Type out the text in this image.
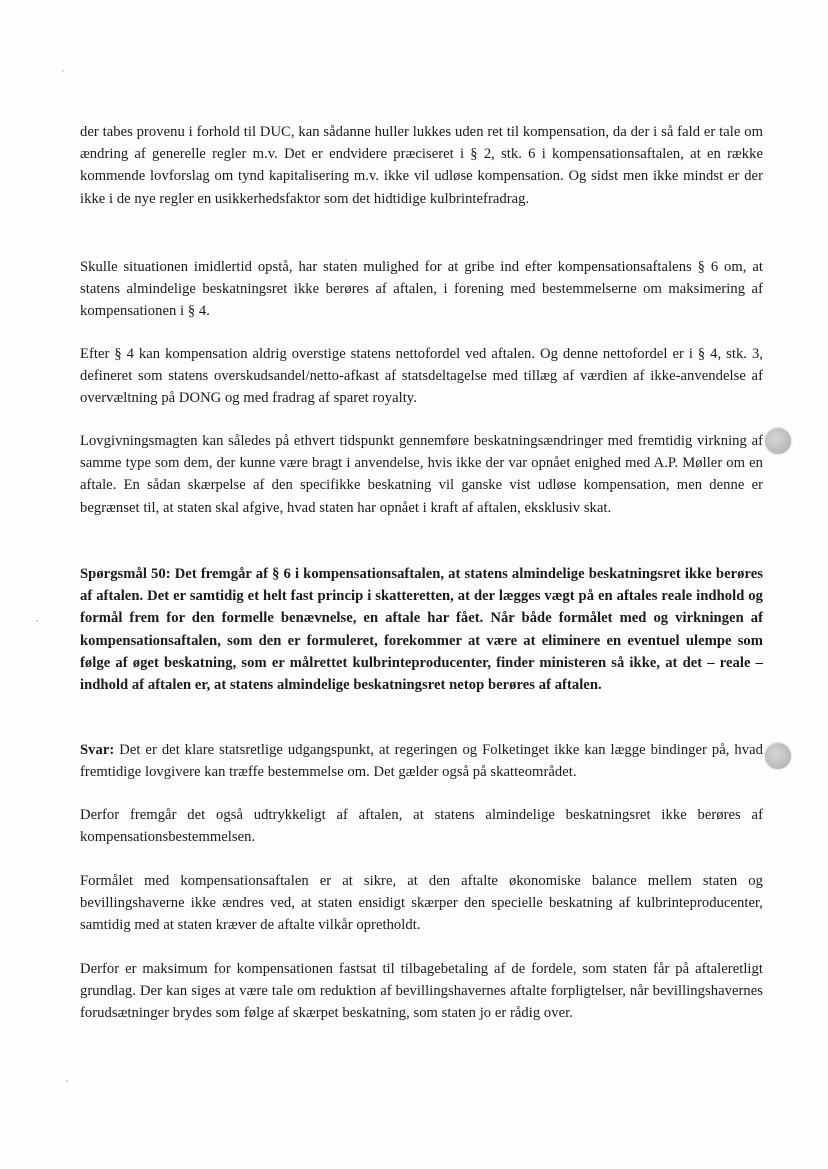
der tabes provenu i forhold til DUC, kan sådanne huller lukkes uden ret til kompensation, da der i så fald er tale om ændring af generelle regler m.v. Det er endvidere præciseret i § 2, stk. 6 i kompensationsaftalen, at en række kommende lovforslag om tynd kapitalisering m.v. ikke vil udløse kompensation. Og sidst men ikke mindst er der ikke i de nye regler en usikkerhedsfaktor som det hidtidige kulbrintefradrag.

Skulle situationen imidlertid opstå, har staten mulighed for at gribe ind efter kompensationsaftalens § 6 om, at statens almindelige beskatningsret ikke berøres af aftalen, i forening med bestemmelserne om maksimering af kompensationen i § 4.

Efter § 4 kan kompensation aldrig overstige statens nettofordel ved aftalen. Og denne nettofordel er i § 4, stk. 3, defineret som statens overskudsandel/netto-afkast af statsdeltagelse med tillæg af værdien af ikke-anvendelse af overvæltning på DONG og med fradrag af sparet royalty.

Lovgivningsmagten kan således på ethvert tidspunkt gennemføre beskatningsændringer med fremtidig virkning af samme type som dem, der kunne være bragt i anvendelse, hvis ikke der var opnået enighed med A.P. Møller om en aftale. En sådan skærpelse af den specifikke beskatning vil ganske vist udløse kompensation, men denne er begrænset til, at staten skal afgive, hvad staten har opnået i kraft af aftalen, eksklusiv skat.

Spørgsmål 50: Det fremgår af § 6 i kompensationsaftalen, at statens almindelige beskatningsret ikke berøres af aftalen. Det er samtidig et helt fast princip i skatteretten, at der lægges vægt på en aftales reale indhold og formål frem for den formelle benævnelse, en aftale har fået. Når både formålet med og virkningen af kompensationsaftalen, som den er formuleret, forekommer at være at eliminere en eventuel ulempe som følge af øget beskatning, som er målrettet kulbrinteproducenter, finder ministeren så ikke, at det – reale – indhold af aftalen er, at statens almindelige beskatningsret netop berøres af aftalen.

Svar: Det er det klare statsretlige udgangspunkt, at regeringen og Folketinget ikke kan lægge bindinger på, hvad fremtidige lovgivere kan træffe bestemmelse om. Det gælder også på skatteområdet.

Derfor fremgår det også udtrykkeligt af aftalen, at statens almindelige beskatningsret ikke berøres af kompensationsbestemmelsen.

Formålet med kompensationsaftalen er at sikre, at den aftalte økonomiske balance mellem staten og bevillingshaverne ikke ændres ved, at staten ensidigt skærper den specielle beskatning af kulbrinteproducenter, samtidig med at staten kræver de aftalte vilkår opretholdt.

Derfor er maksimum for kompensationen fastsat til tilbagebetaling af de fordele, som staten får på aftaleretligt grundlag. Der kan siges at være tale om reduktion af bevillingshavernes aftalte forpligtelser, når bevillingshavernes forudsætninger brydes som følge af skærpet beskatning, som staten jo er rådig over.
